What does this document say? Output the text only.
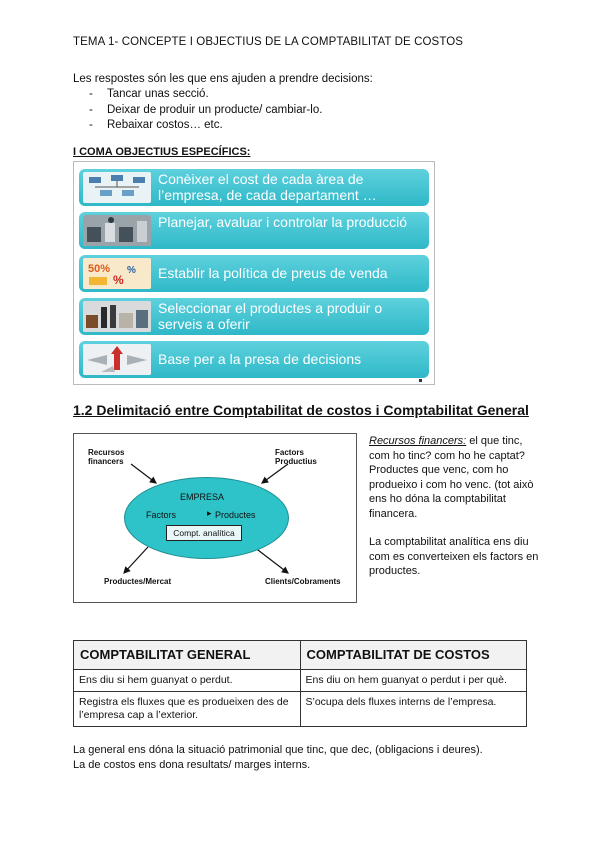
TEMA 1- CONCEPTE I OBJECTIUS DE LA COMPTABILITAT DE COSTOS
Les respostes són les que ens ajuden a prendre decisions:
- Tancar unas secció.
- Deixar de produir un producte/ cambiar-lo.
- Rebaixar costos… etc.
I COMA OBJECTIUS ESPECÍFICS:
Conèixer el cost de cada àrea de l’empresa, de cada departament …
Planejar, avaluar i controlar la producció
50%
%
% Establir la política de preus de venda
Seleccionar el productes a produir o serveis a oferir
Base per a la presa de decisions
1.2 Delimitació entre Comptabilitat de costos i Comptabilitat General
Recursos
financers
Factors
Productius
EMPRESA
Factors	▸ Productes
Compt. analítica
Productes/Mercat	Clients/Cobraments
Recursos financers: el que tinc, com ho tinc? com ho he captat? Productes que venc, com ho produeixo i com ho venc. (tot això ens ho dóna la comptabilitat financera.
La comptabilitat analítica ens diu com es converteixen els factors en productes.
COMPTABILITAT GENERAL	COMPTABILITAT DE COSTOS
Ens diu si hem guanyat o perdut.	Ens diu on hem guanyat o perdut i per què.
Registra els fluxes que es produeixen des de l’empresa cap a l’exterior.	S’ocupa dels fluxes interns de l’empresa.
La general ens dóna la situació patrimonial que tinc, que dec, (obligacions i deures).
La de costos ens dona resultats/ marges interns.
